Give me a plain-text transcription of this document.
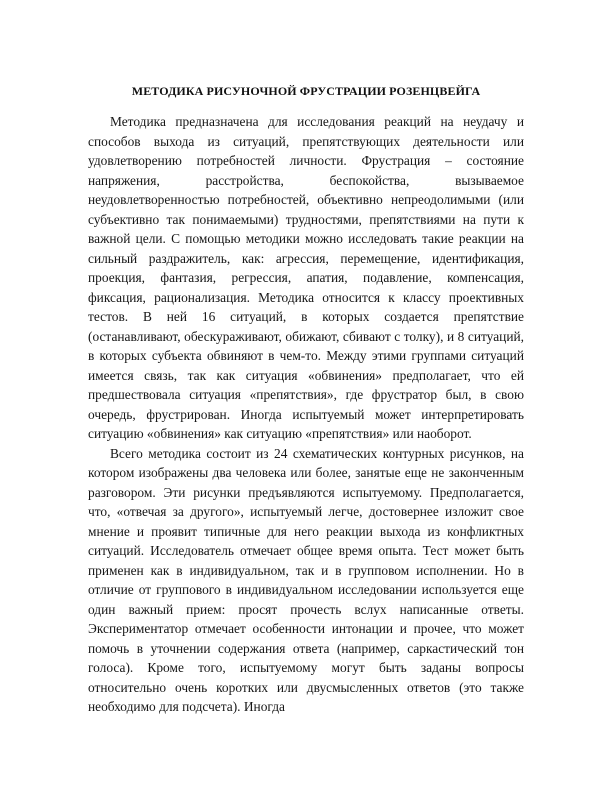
МЕТОДИКА РИСУНОЧНОЙ ФРУСТРАЦИИ РОЗЕНЦВЕЙГА

Методика предназначена для исследования реакций на неудачу и способов выхода из ситуаций, препятствующих деятельности или удовлетворению потребностей личности. Фрустрация – состояние напряжения, расстройства, беспокойства, вызываемое неудовлетворенностью потребностей, объективно непреодолимыми (или субъективно так понимаемыми) трудностями, препятствиями на пути к важной цели. С помощью методики можно исследовать такие реакции на сильный раздражитель, как: агрессия, перемещение, идентификация, проекция, фантазия, регрессия, апатия, подавление, компенсация, фиксация, рационализация. Методика относится к классу проективных тестов. В ней 16 ситуаций, в которых создается препятствие (останавливают, обескураживают, обижают, сбивают с толку), и 8 ситуаций, в которых субъекта обвиняют в чем-то. Между этими группами ситуаций имеется связь, так как ситуация «обвинения» предполагает, что ей предшествовала ситуация «препятствия», где фрустратор был, в свою очередь, фрустрирован. Иногда испытуемый может интерпретировать ситуацию «обвинения» как ситуацию «препятствия» или наоборот.

Всего методика состоит из 24 схематических контурных рисунков, на котором изображены два человека или более, занятые еще не законченным разговором. Эти рисунки предъявляются испытуемому. Предполагается, что, «отвечая за другого», испытуемый легче, достовернее изложит свое мнение и проявит типичные для него реакции выхода из конфликтных ситуаций. Исследователь отмечает общее время опыта. Тест может быть применен как в индивидуальном, так и в групповом исполнении. Но в отличие от группового в индивидуальном исследовании используется еще один важный прием: просят прочесть вслух написанные ответы. Экспериментатор отмечает особенности интонации и прочее, что может помочь в уточнении содержания ответа (например, саркастический тон голоса). Кроме того, испытуемому могут быть заданы вопросы относительно очень коротких или двусмысленных ответов (это также необходимо для подсчета). Иногда
